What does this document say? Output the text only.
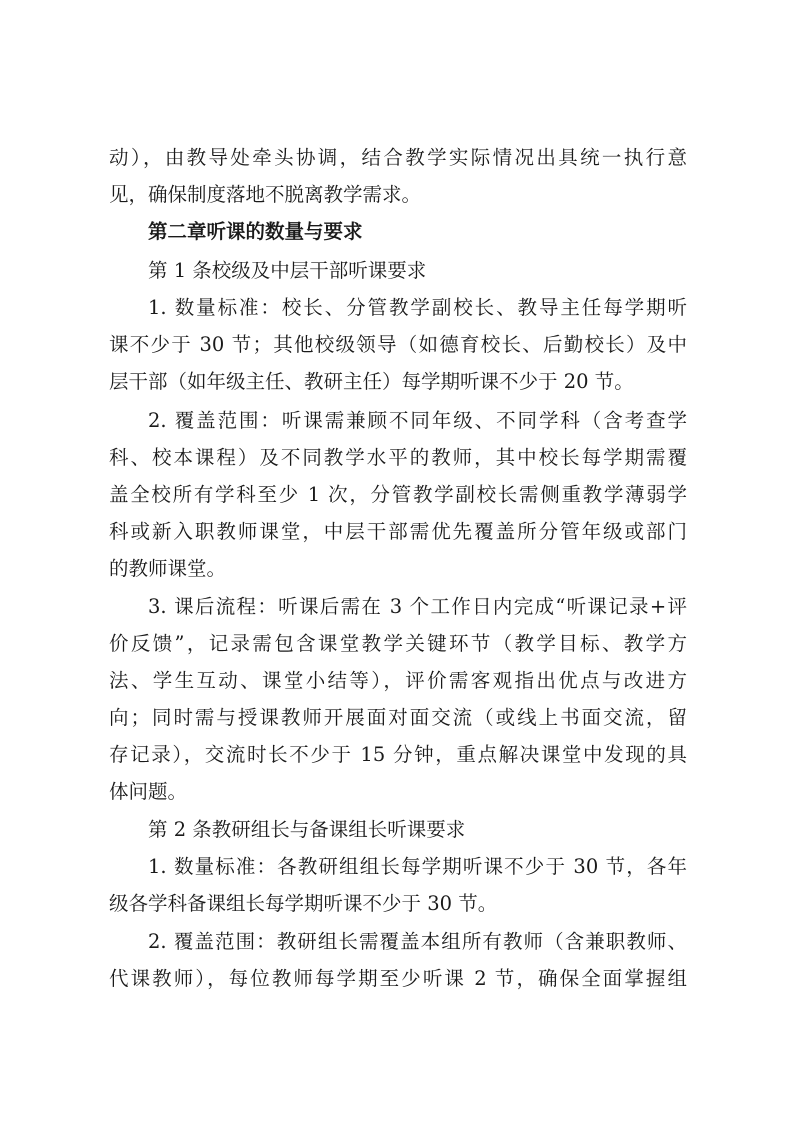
动），由教导处牵头协调，结合教学实际情况出具统一执行意
见，确保制度落地不脱离教学需求。
第二章听课的数量与要求
第 1 条校级及中层干部听课要求
1. 数量标准：校长、分管教学副校长、教导主任每学期听
课不少于 30 节；其他校级领导（如德育校长、后勤校长）及中
层干部（如年级主任、教研主任）每学期听课不少于 20 节。
2. 覆盖范围：听课需兼顾不同年级、不同学科（含考查学
科、校本课程）及不同教学水平的教师，其中校长每学期需覆
盖全校所有学科至少 1 次，分管教学副校长需侧重教学薄弱学
科或新入职教师课堂，中层干部需优先覆盖所分管年级或部门
的教师课堂。
3. 课后流程：听课后需在 3 个工作日内完成“听课记录+评
价反馈”，记录需包含课堂教学关键环节（教学目标、教学方
法、学生互动、课堂小结等），评价需客观指出优点与改进方
向；同时需与授课教师开展面对面交流（或线上书面交流，留
存记录），交流时长不少于 15 分钟，重点解决课堂中发现的具
体问题。
第 2 条教研组长与备课组长听课要求
1. 数量标准：各教研组组长每学期听课不少于 30 节，各年
级各学科备课组长每学期听课不少于 30 节。
2. 覆盖范围：教研组长需覆盖本组所有教师（含兼职教师、
代课教师），每位教师每学期至少听课 2 节，确保全面掌握组
